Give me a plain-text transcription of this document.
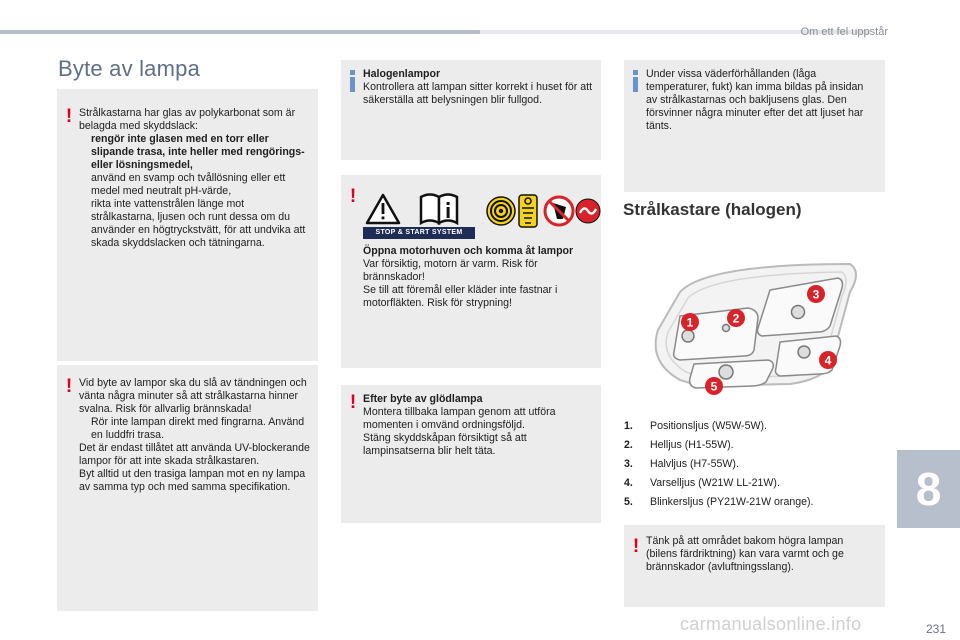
Om ett fel uppstår
Byte av lampa
! Strålkastarna har glas av polykarbonat som är belagda med skyddslack:

rengör inte glasen med en torr eller slipande trasa, inte heller med rengörings- eller lösningsmedel,
använd en svamp och tvållösning eller ett medel med neutralt pH-värde,
rikta inte vattenstrålen länge mot strålkastarna, ljusen och runt dessa om du använder en högtryckstvätt, för att undvika att skada skyddslacken och tätningarna.
! Vid byte av lampor ska du slå av tändningen och vänta några minuter så att strålkastarna hinner svalna. Risk för allvarlig brännskada!

Rör inte lampan direkt med fingrarna. Använd en luddfri trasa.

Det är endast tillåtet att använda UV-blockerande lampor för att inte skada strålkastaren.

Byt alltid ut den trasiga lampan mot en ny lampa av samma typ och med samma specifikation.

Halogenlampor

Kontrollera att lampan sitter korrekt i huset för att säkerställa att belysningen blir fullgod.

!
STOP & START SYSTEM

Öppna motorhuven och komma åt lampor

Var försiktig, motorn är varm. Risk för brännskador!

Se till att föremål eller kläder inte fastnar i motorfläkten. Risk för strypning!

! Efter byte av glödlampa

Montera tillbaka lampan genom att utföra momenten i omvänd ordningsföljd.

Stäng skyddskåpan försiktigt så att lampinsatserna blir helt täta.

Under vissa väderförhållanden (låga temperaturer, fukt) kan imma bildas på insidan av strålkastarnas och bakljusens glas. Den försvinner några minuter efter det att ljuset har tänts.

Strålkastare (halogen)
1	2
3
4
5
1.	Positionsljus (W5W-5W).
2.	Helljus (H1-55W).
3.	Halvljus (H7-55W).
4.	Varselljus (W21W LL-21W).
5.	Blinkersljus (PY21W-21W orange).
! Tänk på att området bakom högra lampan (bilens färdriktning) kan vara varmt och ge brännskador (avluftningsslang).

8
carmanualsonline.info	231
